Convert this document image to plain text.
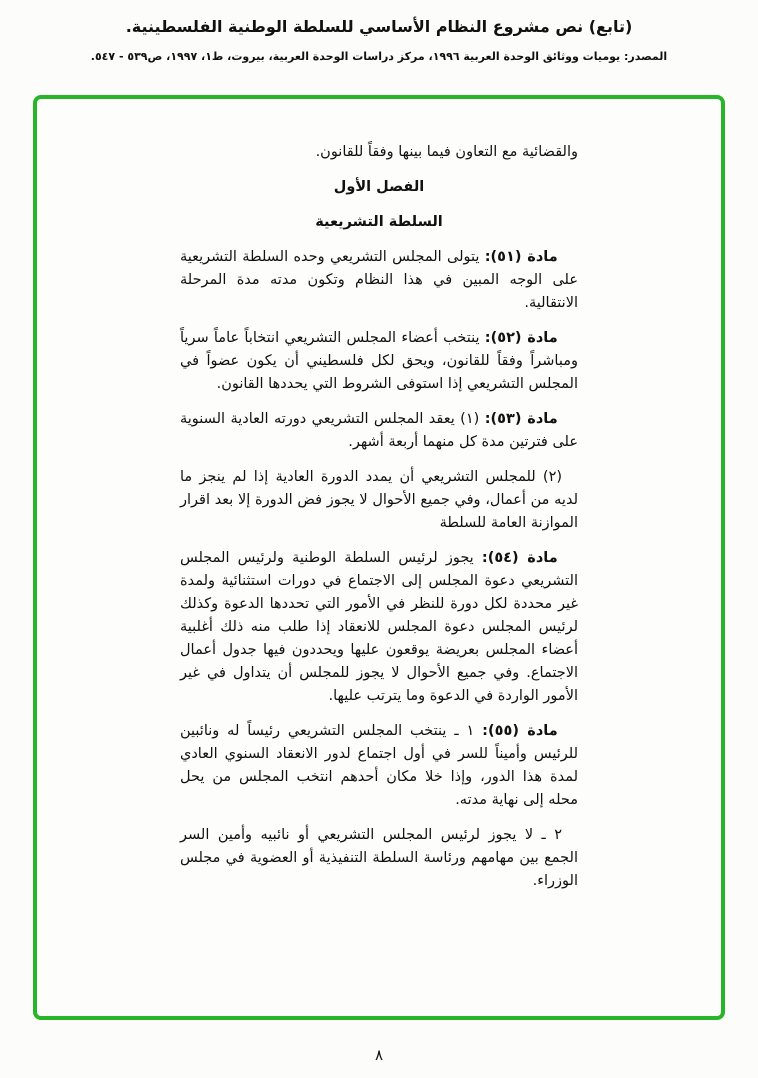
(تابع) نص مشروع النظام الأساسي للسلطة الوطنية الفلسطينية.
المصدر: يوميات ووثائق الوحدة العربية ١٩٩٦، مركز دراسات الوحدة العربية، بيروت، ط١، ١٩٩٧، ص٥٣٩ - ٥٤٧.

والقضائية مع التعاون فيما بينها وفقاً للقانون.

الفصل الأول

السلطة التشريعية

مادة (٥١): يتولى المجلس التشريعي وحده السلطة التشريعية على الوجه المبين في هذا النظام وتكون مدته مدة المرحلة الانتقالية.

مادة (٥٢): ينتخب أعضاء المجلس التشريعي انتخاباً عاماً سرياً ومباشراً وفقاً للقانون، ويحق لكل فلسطيني أن يكون عضواً في المجلس التشريعي إذا استوفى الشروط التي يحددها القانون.

مادة (٥٣): (١) يعقد المجلس التشريعي دورته العادية السنوية على فترتين مدة كل منهما أربعة أشهر.

(٢) للمجلس التشريعي أن يمدد الدورة العادية إذا لم ينجز ما لديه من أعمال، وفي جميع الأحوال لا يجوز فض الدورة إلا بعد اقرار الموازنة العامة للسلطة

مادة (٥٤): يجوز لرئيس السلطة الوطنية ولرئيس المجلس التشريعي دعوة المجلس إلى الاجتماع في دورات استثنائية ولمدة غير محددة لكل دورة للنظر في الأمور التي تحددها الدعوة وكذلك لرئيس المجلس دعوة المجلس للانعقاد إذا طلب منه ذلك أغلبية أعضاء المجلس بعريضة يوقعون عليها ويحددون فيها جدول أعمال الاجتماع. وفي جميع الأحوال لا يجوز للمجلس أن يتداول في غير الأمور الواردة في الدعوة وما يترتب عليها.

مادة (٥٥): ١ ـ ينتخب المجلس التشريعي رئيساً له ونائبين للرئيس وأميناً للسر في أول اجتماع لدور الانعقاد السنوي العادي لمدة هذا الدور، وإذا خلا مكان أحدهم انتخب المجلس من يحل محله إلى نهاية مدته.

٢ ـ لا يجوز لرئيس المجلس التشريعي أو نائبيه وأمين السر الجمع بين مهامهم ورئاسة السلطة التنفيذية أو العضوية في مجلس الوزراء.

٨
